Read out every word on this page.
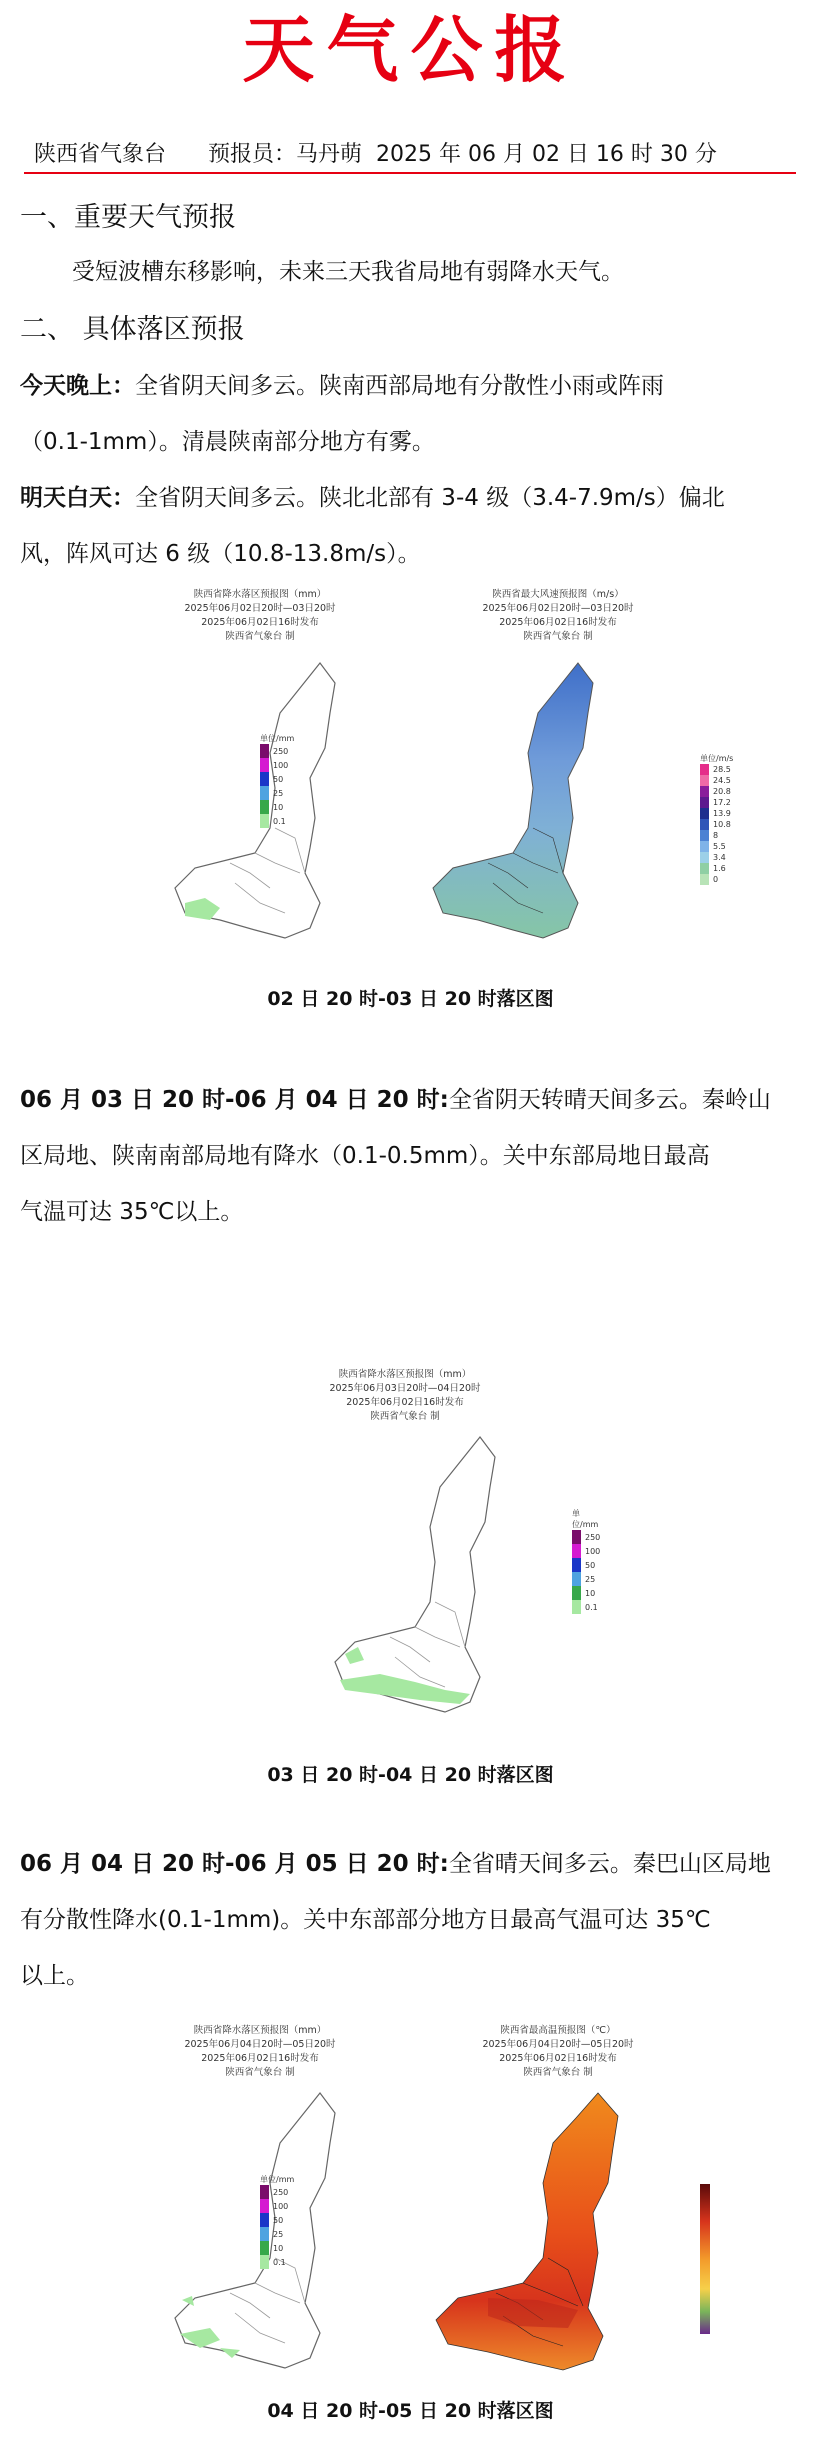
天气公报
陕西省气象台 预报员：马丹萌 2025 年 06 月 02 日 16 时 30 分
一、重要天气预报
受短波槽东移影响，未来三天我省局地有弱降水天气。
二、 具体落区预报
今天晚上：全省阴天间多云。陕南西部局地有分散性小雨或阵雨
（0.1-1mm）。清晨陕南部分地方有雾。
明天白天：全省阴天间多云。陕北北部有 3-4 级（3.4-7.9m/s）偏北
风，阵风可达 6 级（10.8-13.8m/s）。
陕西省降水落区预报图（mm）
2025年06月02日20时—03日20时
2025年06月02日16时发布
陕西省气象台 制
单位/mm
250
100
50
25
10
0.1
陕西省最大风速预报图（m/s）
2025年06月02日20时—03日20时
2025年06月02日16时发布
陕西省气象台 制
单位/m/s
28.5
24.5
20.8
17.2
13.9
10.8
8
5.5
3.4
1.6
0
02 日 20 时-03 日 20 时落区图
06 月 03 日 20 时-06 月 04 日 20 时:全省阴天转晴天间多云。秦岭山
区局地、陕南南部局地有降水（0.1-0.5mm）。关中东部局地日最高
气温可达 35℃以上。
陕西省降水落区预报图（mm）
2025年06月03日20时—04日20时
2025年06月02日16时发布
陕西省气象台 制
单位/mm
250
100
50
25
10
0.1
03 日 20 时-04 日 20 时落区图
06 月 04 日 20 时-06 月 05 日 20 时:全省晴天间多云。秦巴山区局地
有分散性降水(0.1-1mm)。关中东部部分地方日最高气温可达 35℃
以上。
陕西省降水落区预报图（mm）
2025年06月04日20时—05日20时
2025年06月02日16时发布
陕西省气象台 制
单位/mm
250
100
50
25
10
0.1
陕西省最高温预报图（℃）
2025年06月04日20时—05日20时
2025年06月02日16时发布
陕西省气象台 制
04 日 20 时-05 日 20 时落区图
